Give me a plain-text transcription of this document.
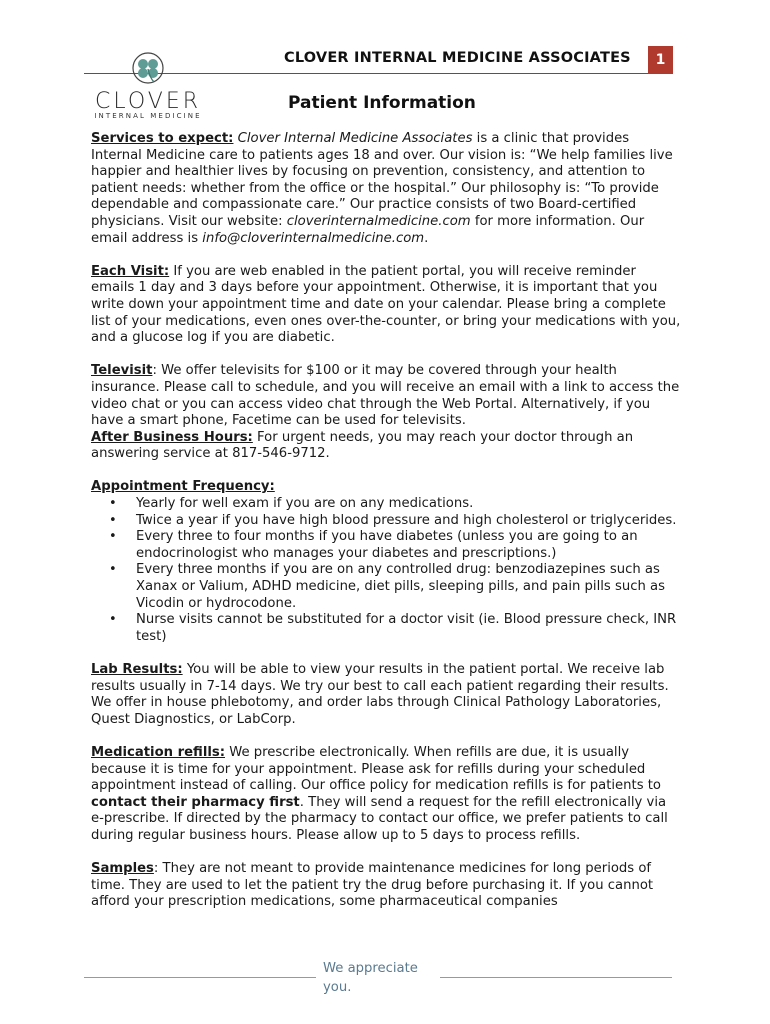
CLOVER INTERNAL MEDICINE ASSOCIATES	1
CLOVER
INTERNAL MEDICINE
Patient Information

Services to expect: Clover Internal Medicine Associates is a clinic that provides Internal Medicine care to patients ages 18 and over. Our vision is: “We help families live happier and healthier lives by focusing on prevention, consistency, and attention to patient needs: whether from the office or the hospital.” Our philosophy is: “To provide dependable and compassionate care.” Our practice consists of two Board-certified physicians. Visit our website: cloverinternalmedicine.com for more information. Our email address is info@cloverinternalmedicine.com.

Each Visit: If you are web enabled in the patient portal, you will receive reminder emails 1 day and 3 days before your appointment. Otherwise, it is important that you write down your appointment time and date on your calendar. Please bring a complete list of your medications, even ones over-the-counter, or bring your medications with you, and a glucose log if you are diabetic.

Televisit: We offer televisits for $100 or it may be covered through your health insurance. Please call to schedule, and you will receive an email with a link to access the video chat or you can access video chat through the Web Portal. Alternatively, if you have a smart phone, Facetime can be used for televisits.

After Business Hours: For urgent needs, you may reach your doctor through an answering service at 817-546-9712.

Appointment Frequency:

• Yearly for well exam if you are on any medications.
• Twice a year if you have high blood pressure and high cholesterol or triglycerides.
• Every three to four months if you have diabetes (unless you are going to an endocrinologist who manages your diabetes and prescriptions.)
• Every three months if you are on any controlled drug: benzodiazepines such as Xanax or Valium, ADHD medicine, diet pills, sleeping pills, and pain pills such as Vicodin or hydrocodone.
• Nurse visits cannot be substituted for a doctor visit (ie. Blood pressure check, INR test)

Lab Results: You will be able to view your results in the patient portal. We receive lab results usually in 7-14 days. We try our best to call each patient regarding their results. We offer in house phlebotomy, and order labs through Clinical Pathology Laboratories, Quest Diagnostics, or LabCorp.

Medication refills: We prescribe electronically. When refills are due, it is usually because it is time for your appointment. Please ask for refills during your scheduled appointment instead of calling. Our office policy for medication refills is for patients to contact their pharmacy first. They will send a request for the refill electronically via e-prescribe. If directed by the pharmacy to contact our office, we prefer patients to call during regular business hours. Please allow up to 5 days to process refills.

Samples: They are not meant to provide maintenance medicines for long periods of time. They are used to let the patient try the drug before purchasing it. If you cannot afford your prescription medications, some pharmaceutical companies

We appreciate you.
